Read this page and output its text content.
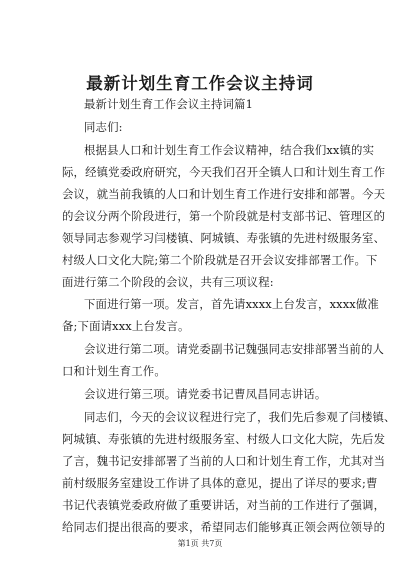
最新计划生育工作会议主持词
最新计划生育工作会议主持词篇1
同志们:
根据县人口和计划生育工作会议精神，结合我们xx镇的实
际，经镇党委政府研究，今天我们召开全镇人口和计划生育工作
会议，就当前我镇的人口和计划生育工作进行安排和部署。今天
的会议分两个阶段进行，第一个阶段就是村支部书记、管理区的
领导同志参观学习闫楼镇、阿城镇、寿张镇的先进村级服务室、
村级人口文化大院;第二个阶段就是召开会议安排部署工作。下
面进行第二个阶段的会议，共有三项议程:
下面进行第一项。发言，首先请xxxx上台发言，xxxx做准
备;下面请xxx上台发言。
会议进行第二项。请党委副书记魏强同志安排部署当前的人
口和计划生育工作。
会议进行第三项。请党委书记曹凤昌同志讲话。
同志们，今天的会议议程进行完了，我们先后参观了闫楼镇、
阿城镇、寿张镇的先进村级服务室、村级人口文化大院，先后发
了言，魏书记安排部署了当前的人口和计划生育工作，尤其对当
前村级服务室建设工作讲了具体的意见，提出了详尽的要求;曹
书记代表镇党委政府做了重要讲话，对当前的工作进行了强调，
给同志们提出很高的要求，希望同志们能够真正领会两位领导的
第1页 共7页
